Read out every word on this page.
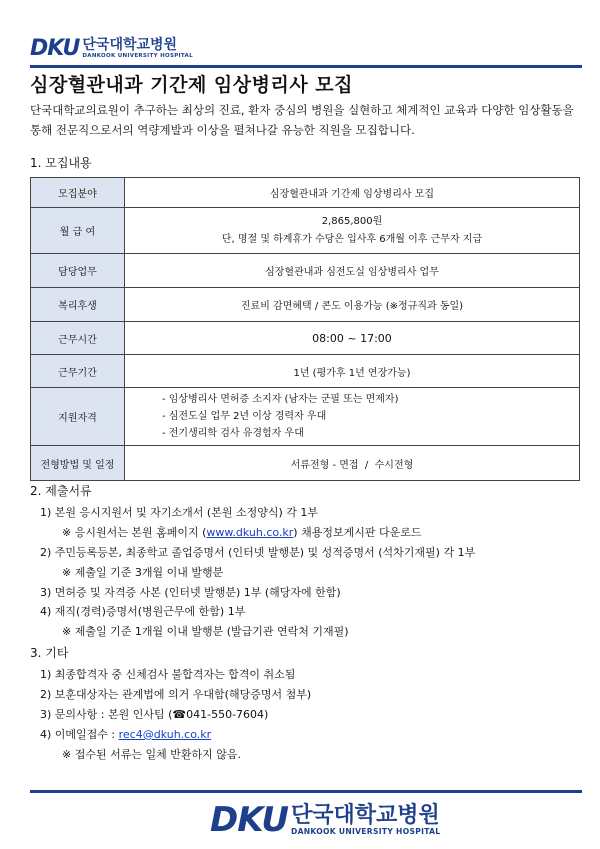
DKU 단국대학교병원
DANKOOK UNIVERSITY HOSPITAL
심장혈관내과 기간제 임상병리사 모집
단국대학교의료원이 추구하는 최상의 진료, 환자 중심의 병원을 실현하고 체계적인 교육과 다양한 임상활동을 통해 전문직으로서의 역량계발과 이상을 펼쳐나갈 유능한 직원을 모집합니다.
1. 모집내용
모집분야	심장혈관내과 기간제 임상병리사 모집
월 급 여	2,865,800원
단, 명절 및 하계휴가 수당은 입사후 6개월 이후 근무자 지급

담당업무	심장혈관내과 심전도실 임상병리사 업무
복리후생	진료비 감면혜택 / 콘도 이용가능 (※정규직과 동일)
근무시간	08:00 ~ 17:00
근무기간	1년 (평가후 1년 연장가능)
지원자격	- 임상병리사 면허증 소지자 (남자는 군필 또는 면제자)
- 심전도실 업무 2년 이상 경력자 우대
- 전기생리학 검사 유경험자 우대

전형방법 및 일정	서류전형 - 면접  /  수시전형
2. 제출서류
1) 본원 응시지원서 및 자기소개서 (본원 소정양식) 각 1부
※ 응시원서는 본원 홈페이지 (www.dkuh.co.kr) 채용정보게시판 다운로드
2) 주민등록등본, 최종학교 졸업증명서 (인터넷 발행분) 및 성적증명서 (석차기재필) 각 1부
※ 제출일 기준 3개월 이내 발행분
3) 면허증 및 자격증 사본 (인터넷 발행분) 1부 (해당자에 한함)
4) 재직(경력)증명서(병원근무에 한함) 1부
※ 제출일 기준 1개월 이내 발행분 (발급기관 연락처 기재필)
3. 기타
1) 최종합격자 중 신체검사 불합격자는 합격이 취소됨
2) 보훈대상자는 관계법에 의거 우대함(해당증명서 첨부)
3) 문의사항 : 본원 인사팀 (☎041-550-7604)
4) 이메일접수 : rec4@dkuh.co.kr
※ 접수된 서류는 일체 반환하지 않음.
DKU 단국대학교병원
DANKOOK UNIVERSITY HOSPITAL
